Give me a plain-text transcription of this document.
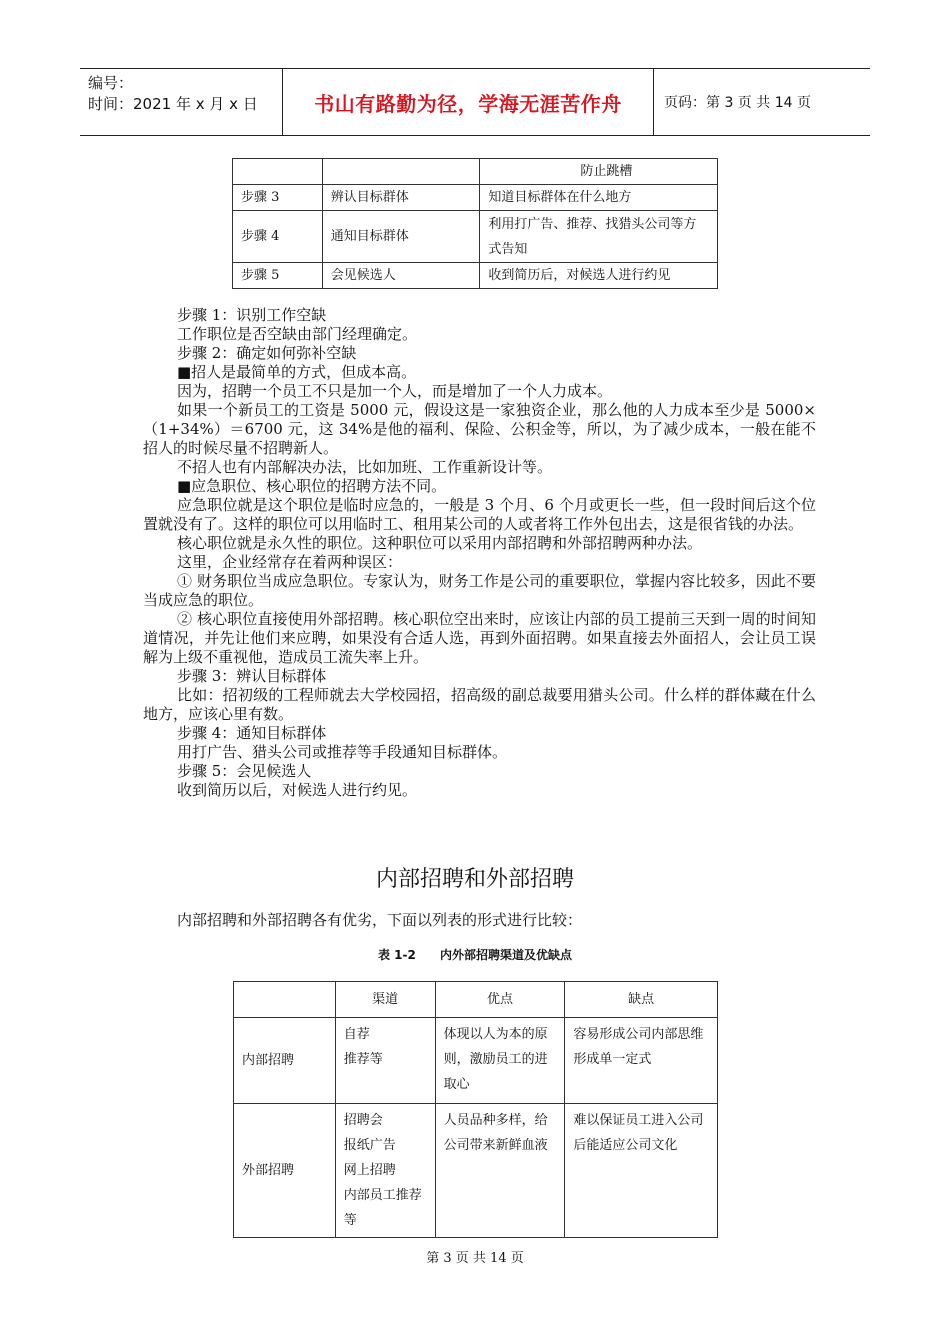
编号：
时间：2021 年 x 月 x 日	书山有路勤为径，学海无涯苦作舟	页码：第 3 页 共 14 页
		防止跳槽
步骤 3	辨认目标群体	知道目标群体在什么地方
步骤 4	通知目标群体	利用打广告、推荐、找猎头公司等方式告知
步骤 5	会见候选人	收到简历后，对候选人进行约见

步骤 1：识别工作空缺

工作职位是否空缺由部门经理确定。

步骤 2：确定如何弥补空缺

■招人是最简单的方式，但成本高。

因为，招聘一个员工不只是加一个人，而是增加了一个人力成本。

如果一个新员工的工资是 5000 元，假设这是一家独资企业，那么他的人力成本至少是 5000×（1+34%）＝6700 元，这 34%是他的福利、保险、公积金等，所以，为了减少成本，一般在能不招人的时候尽量不招聘新人。

不招人也有内部解决办法，比如加班、工作重新设计等。

■应急职位、核心职位的招聘方法不同。

应急职位就是这个职位是临时应急的，一般是 3 个月、6 个月或更长一些，但一段时间后这个位置就没有了。这样的职位可以用临时工、租用某公司的人或者将工作外包出去，这是很省钱的办法。

核心职位就是永久性的职位。这种职位可以采用内部招聘和外部招聘两种办法。

这里，企业经常存在着两种误区：

① 财务职位当成应急职位。专家认为，财务工作是公司的重要职位，掌握内容比较多，因此不要当成应急的职位。

② 核心职位直接使用外部招聘。核心职位空出来时，应该让内部的员工提前三天到一周的时间知道情况，并先让他们来应聘，如果没有合适人选，再到外面招聘。如果直接去外面招人，会让员工误解为上级不重视他，造成员工流失率上升。

步骤 3：辨认目标群体

比如：招初级的工程师就去大学校园招，招高级的副总裁要用猎头公司。什么样的群体藏在什么地方，应该心里有数。

步骤 4：通知目标群体

用打广告、猎头公司或推荐等手段通知目标群体。

步骤 5：会见候选人

收到简历以后，对候选人进行约见。

内部招聘和外部招聘
内部招聘和外部招聘各有优劣，下面以列表的形式进行比较：
表 1-2 内外部招聘渠道及优缺点
	渠道	优点	缺点
内部招聘	自荐
推荐等	体现以人为本的原则，激励员工的进取心	容易形成公司内部思维形成单一定式
外部招聘	招聘会
报纸广告
网上招聘
内部员工推荐等	人员品种多样，给公司带来新鲜血液	难以保证员工进入公司后能适应公司文化
第 3 页 共 14 页
